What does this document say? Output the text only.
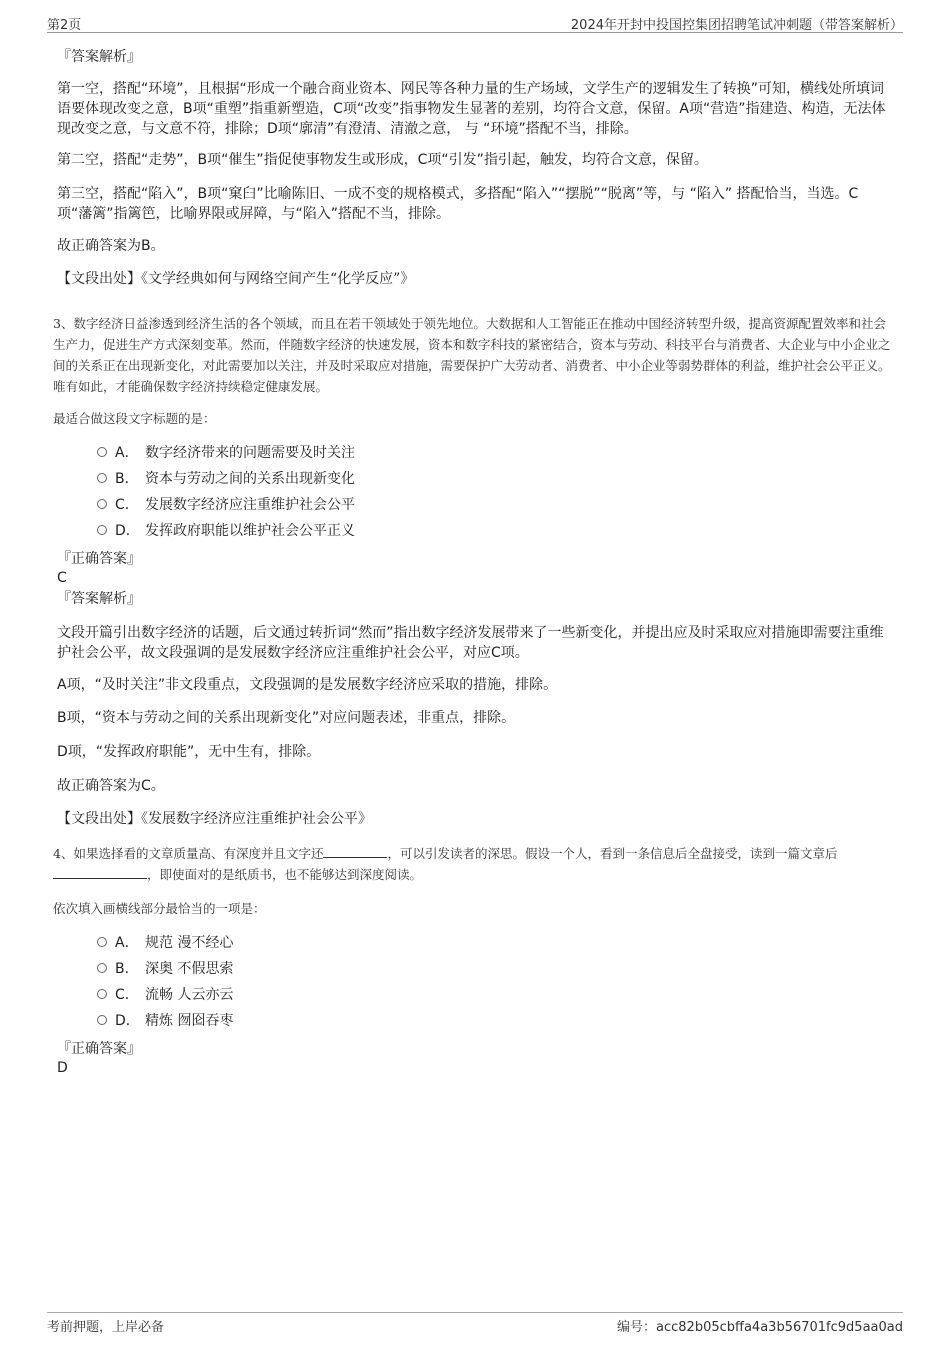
第2页	2024年开封中投国控集团招聘笔试冲刺题（带答案解析）
『答案解析』
第一空，搭配“环境”，且根据“形成一个融合商业资本、网民等各种力量的生产场域，文学生产的逻辑发生了转换”可知，横线处所填词语要体现改变之意，B项“重塑”指重新塑造，C项“改变”指事物发生显著的差别，均符合文意，保留。A项“营造”指建造、构造，无法体现改变之意，与文意不符，排除；D项“廓清”有澄清、清澈之意， 与 “环境”搭配不当，排除。
第二空，搭配“走势”，B项“催生”指促使事物发生或形成，C项“引发”指引起，触发，均符合文意，保留。
第三空，搭配“陷入”，B项“窠臼”比喻陈旧、一成不变的规格模式，多搭配“陷入”“摆脱”“脱离”等，与 “陷入” 搭配恰当，当选。C项“藩篱”指篱笆，比喻界限或屏障，与“陷入”搭配不当，排除。
故正确答案为B。
【文段出处】《文学经典如何与网络空间产生“化学反应”》
3、数字经济日益渗透到经济生活的各个领域，而且在若干领域处于领先地位。大数据和人工智能正在推动中国经济转型升级，提高资源配置效率和社会生产力，促进生产方式深刻变革。然而，伴随数字经济的快速发展，资本和数字科技的紧密结合，资本与劳动、科技平台与消费者、大企业与中小企业之间的关系正在出现新变化，对此需要加以关注，并及时采取应对措施，需要保护广大劳动者、消费者、中小企业等弱势群体的利益，维护社会公平正义。唯有如此，才能确保数字经济持续稳定健康发展。
最适合做这段文字标题的是：
A． 数字经济带来的问题需要及时关注
B． 资本与劳动之间的关系出现新变化
C． 发展数字经济应注重维护社会公平
D． 发挥政府职能以维护社会公平正义
『正确答案』
C
『答案解析』
文段开篇引出数字经济的话题，后文通过转折词“然而”指出数字经济发展带来了一些新变化，并提出应及时采取应对措施即需要注重维护社会公平，故文段强调的是发展数字经济应注重维护社会公平，对应C项。
A项，“及时关注”非文段重点，文段强调的是发展数字经济应采取的措施，排除。
B项，“资本与劳动之间的关系出现新变化”对应问题表述，非重点，排除。
D项，“发挥政府职能”，无中生有，排除。
故正确答案为C。
【文段出处】《发展数字经济应注重维护社会公平》
4、如果选择看的文章质量高、有深度并且文字还	，可以引发读者的深思。假设一个人，看到一条信息后全盘接受，读到一篇文章后
，即使面对的是纸质书，也不能够达到深度阅读。
依次填入画横线部分最恰当的一项是：
A． 规范 漫不经心
B． 深奥 不假思索
C． 流畅 人云亦云
D． 精炼 囫囵吞枣
『正确答案』
D
考前押题，上岸必备	编号：acc82b05cbffa4a3b56701fc9d5aa0ad
